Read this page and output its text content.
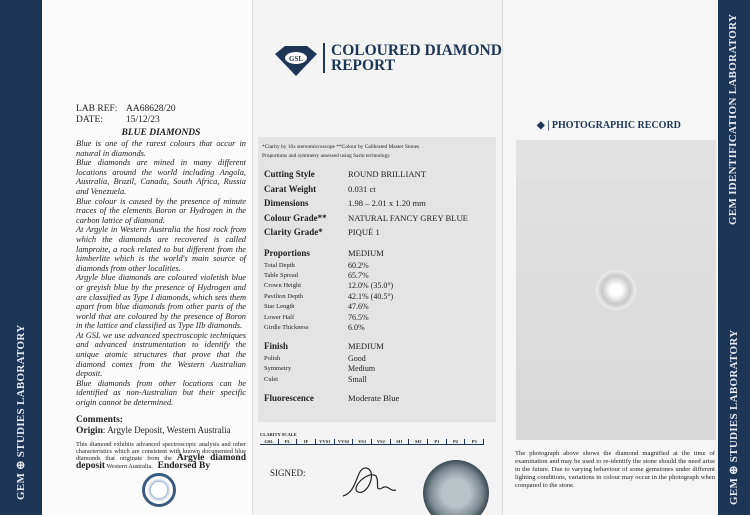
GEM ⊕ STUDIES LABORATORY
LAB REF: AA68628/20
DATE: 15/12/23
BLUE DIAMONDS

Blue is one of the rarest colours that occur in natural in diamonds.

Blue diamonds are mined in many different locations around the world including Angola, Australia, Brazil, Canada, South Africa, Russia and Venezuela.

Blue colour is caused by the presence of minute traces of the elements Boron or Hydrogen in the carbon lattice of diamond.

At Argyle in Western Australia the host rock from which the diamonds are recovered is called lamproite, a rock related to but different from the kimberlite which is the world's main source of diamonds from other localities.

Argyle blue diamonds are coloured violetish blue or greyish blue by the presence of Hydrogen and are classified as Type I diamonds, which sets them apart from blue diamonds from other parts of the world that are coloured by the presence of Boron in the lattice and classified as Type IIb diamonds.

At GSL we use advanced spectroscopic techniques and advanced instrumentation to identify the unique atomic structures that prove that the diamond comes from the Western Australian deposit.

Blue diamonds from other locations can be identified as non-Australian but their specific origin cannot be determined.

Comments:
Origin: Argyle Deposit, Western Australia
This diamond exhibits advanced spectroscopic analysis and other characteristics which are consistent with known documented blue diamonds that originate from the Argyle diamond deposit Western Australia. Endorsed By
GSL COLOURED DIAMOND
REPORT
*Clarity by 10x stereomicroscope **Colour by Calibrated Master Stones
Proportions and symmetry assessed using Sarin technology
Cutting Style	ROUND BRILLIANT
Carat Weight	0.031 ct
Dimensions	1.98 – 2.01 x 1.20 mm
Colour Grade**	NATURAL FANCY GREY BLUE
Clarity Grade*	PIQUÉ 1
Proportions	MEDIUM
Total Depth	60.2%
Table Spread	65.7%
Crown Height	12.0% (35.0°)
Pavilion Depth	42.1% (40.5°)
Star Length	47.6%
Lower Half	76.5%
Girdle Thickness	6.0%
Finish	MEDIUM
Polish	Good
Symmetry	Medium
Culet	Small
Fluorescence	Moderate Blue
CLARITY SCALE
GSL	FL	IF	VVS1	VVS2	VS1	VS2	SI1	SI2	P1	P2	P3
SIGNED:
◆ | PHOTOGRAPHIC RECORD
The photograph above shows the diamond magnified at the time of examination and may be used to re-identify the stone should the need arise in the future. Due to varying behaviour of some gemstones under different lighting conditions, variations in colour may occur in the photograph when compared to the stone.
GEM IDENTIFICATION LABORATORY
GEM ⊕ STUDIES LABORATORY
